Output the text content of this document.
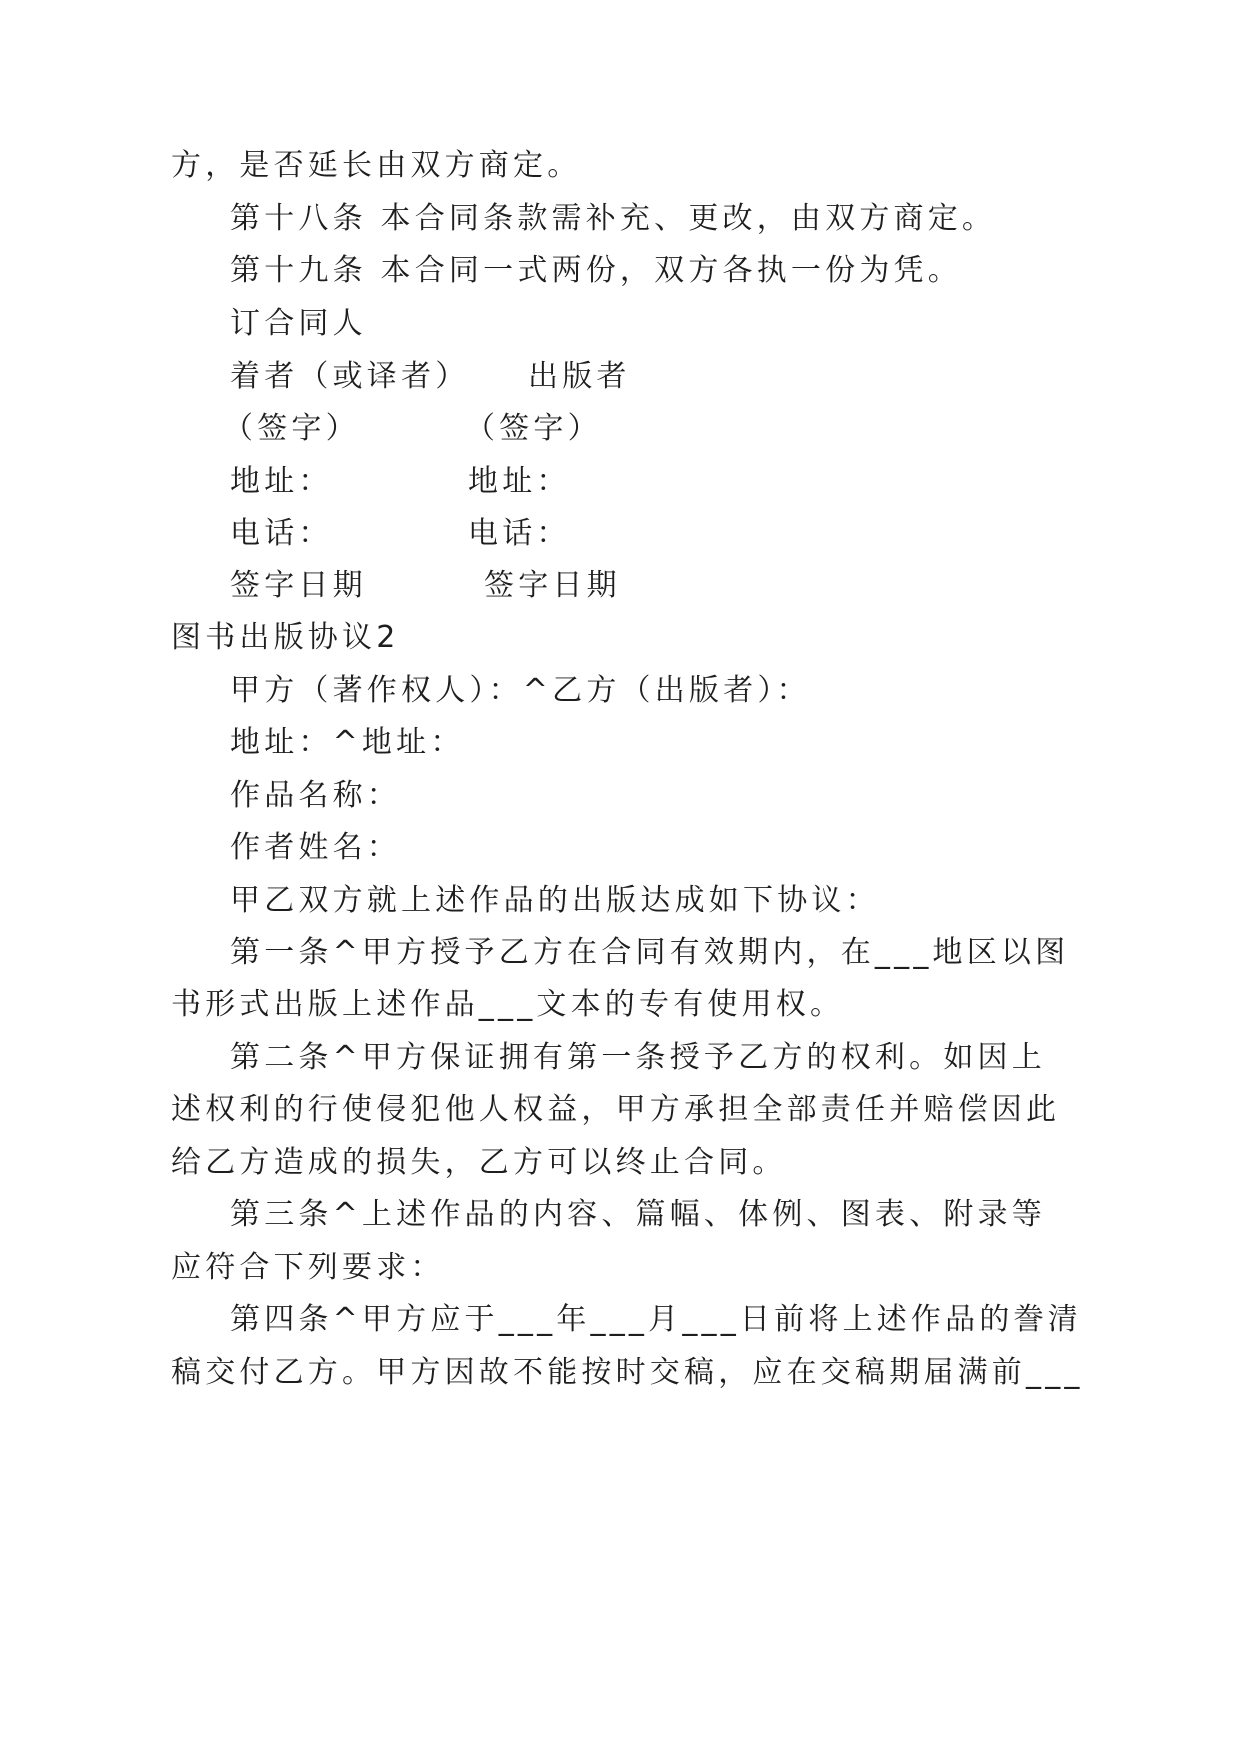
方，是否延长由双方商定。
第十八条 本合同条款需补充、更改，由双方商定。
第十九条 本合同一式两份，双方各执一份为凭。
订合同人
着者（或译者） 出版者
（签字）	（签字）
地址：	地址：
电话：	电话：
签字日期	签字日期
图书出版协议2
甲方（著作权人）：^乙方（出版者）：
地址：^地址：
作品名称：
作者姓名：
甲乙双方就上述作品的出版达成如下协议：
第一条^甲方授予乙方在合同有效期内，在___地区以图
书形式出版上述作品___文本的专有使用权。
第二条^甲方保证拥有第一条授予乙方的权利。如因上
述权利的行使侵犯他人权益，甲方承担全部责任并赔偿因此
给乙方造成的损失，乙方可以终止合同。
第三条^上述作品的内容、篇幅、体例、图表、附录等
应符合下列要求：
第四条^甲方应于___年___月___日前将上述作品的誊清
稿交付乙方。甲方因故不能按时交稿，应在交稿期届满前___
